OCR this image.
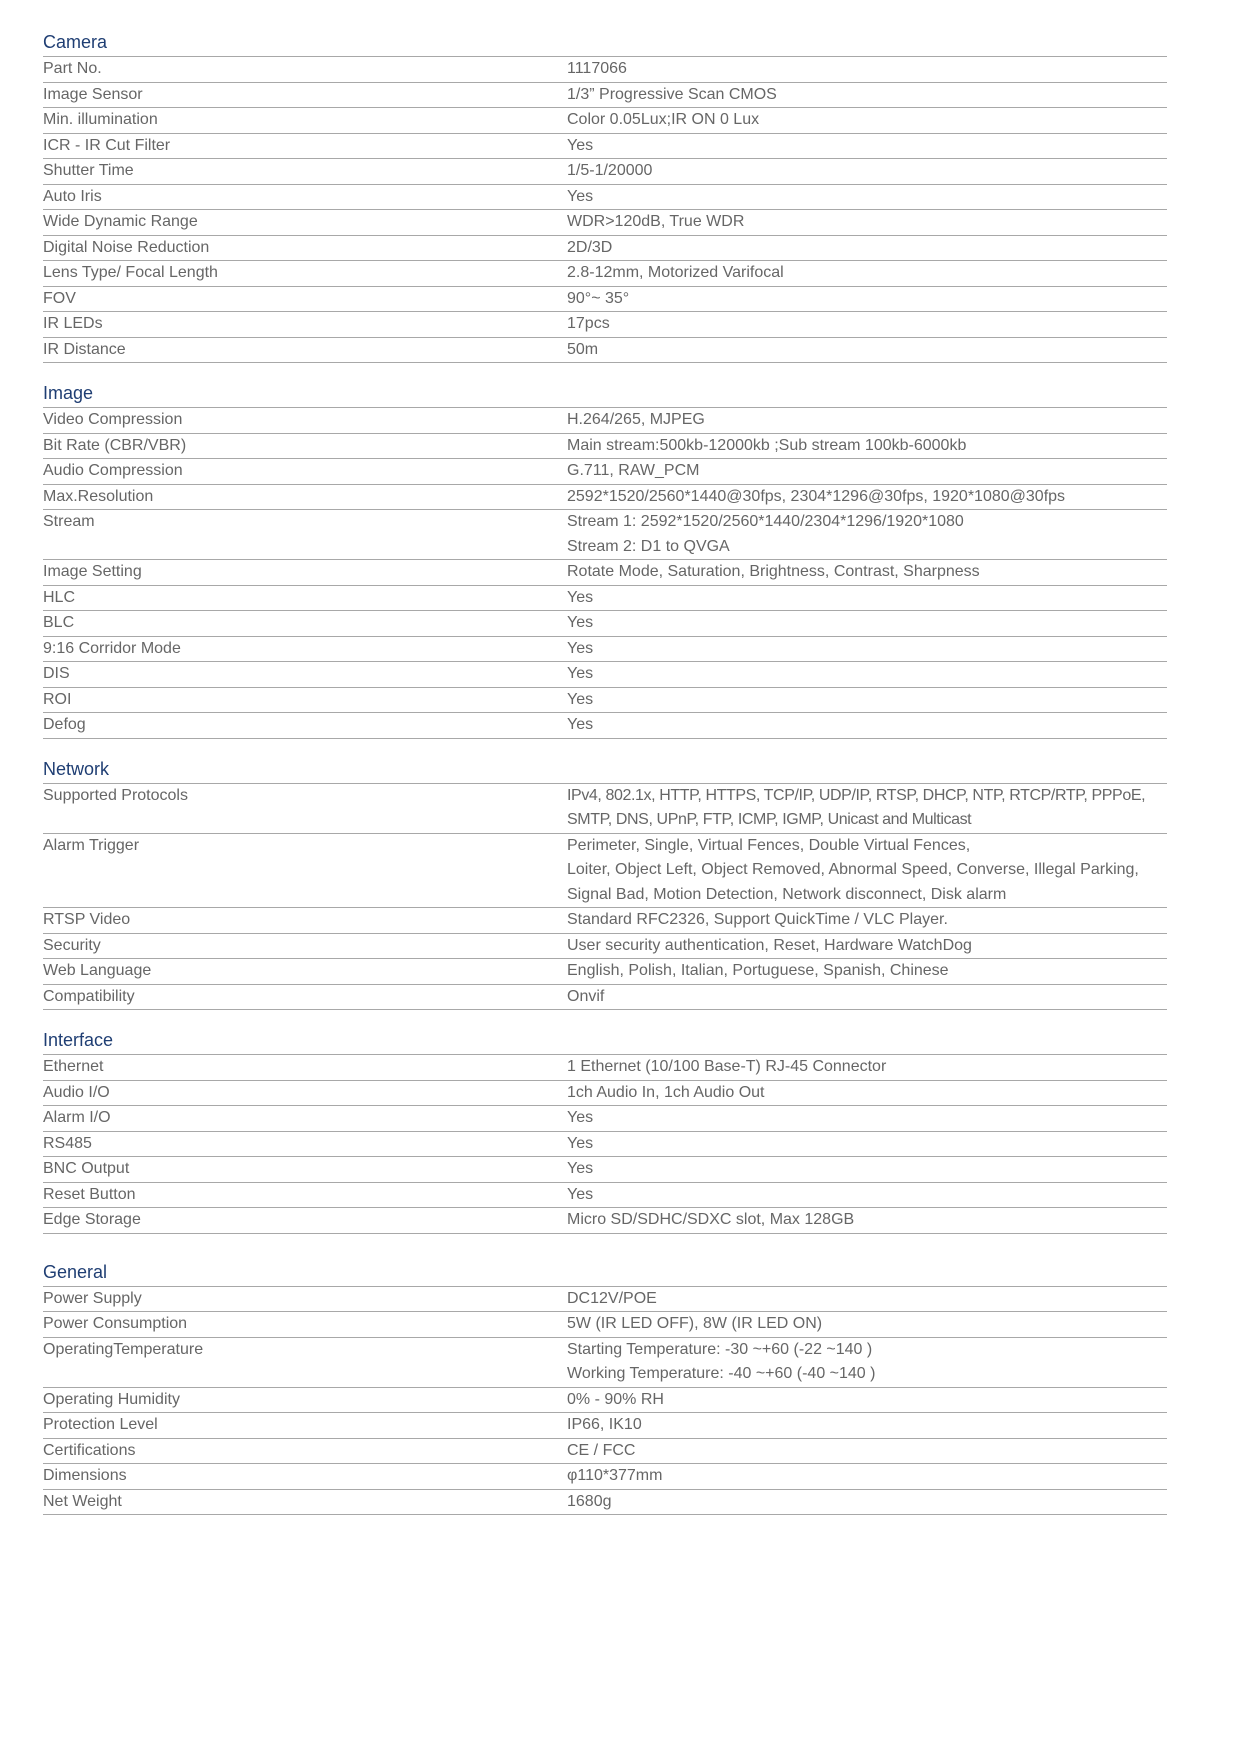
Camera
Part No.	1117066
Image Sensor	1/3” Progressive Scan CMOS
Min. illumination	Color 0.05Lux;IR ON 0 Lux
ICR - IR Cut Filter	Yes
Shutter Time	1/5-1/20000
Auto Iris	Yes
Wide Dynamic Range	WDR>120dB, True WDR
Digital Noise Reduction	2D/3D
Lens Type/ Focal Length	2.8-12mm, Motorized Varifocal
FOV	90°~ 35°
IR LEDs	17pcs
IR Distance	50m
Image
Video Compression	H.264/265, MJPEG
Bit Rate (CBR/VBR)	Main stream:500kb-12000kb ;Sub stream 100kb-6000kb
Audio Compression	G.711, RAW_PCM
Max.Resolution	2592*1520/2560*1440@30fps, 2304*1296@30fps, 1920*1080@30fps
Stream	Stream 1: 2592*1520/2560*1440/2304*1296/1920*1080
Stream 2: D1 to QVGA
Image Setting	Rotate Mode, Saturation, Brightness, Contrast, Sharpness
HLC	Yes
BLC	Yes
9:16 Corridor Mode	Yes
DIS	Yes
ROI	Yes
Defog	Yes
Network
Supported Protocols	IPv4, 802.1x, HTTP, HTTPS, TCP/IP, UDP/IP, RTSP, DHCP, NTP, RTCP/RTP, PPPoE,
SMTP, DNS, UPnP, FTP, ICMP, IGMP, Unicast and Multicast
Alarm Trigger	Perimeter, Single, Virtual Fences, Double Virtual Fences,
Loiter, Object Left, Object Removed, Abnormal Speed, Converse, Illegal Parking,
Signal Bad, Motion Detection, Network disconnect, Disk alarm
RTSP Video	Standard RFC2326, Support QuickTime / VLC Player.
Security	User security authentication, Reset, Hardware WatchDog
Web Language	English, Polish, Italian, Portuguese, Spanish, Chinese
Compatibility	Onvif
Interface
Ethernet	1 Ethernet (10/100 Base-T) RJ-45 Connector
Audio I/O	1ch Audio In, 1ch Audio Out
Alarm I/O	Yes
RS485	Yes
BNC Output	Yes
Reset Button	Yes
Edge Storage	Micro SD/SDHC/SDXC slot, Max 128GB
General
Power Supply	DC12V/POE
Power Consumption	5W (IR LED OFF), 8W (IR LED ON)
OperatingTemperature	Starting Temperature: -30 ~+60 (-22 ~140 )
Working Temperature: -40 ~+60 (-40 ~140 )
Operating Humidity	0% - 90% RH
Protection Level	IP66, IK10
Certifications	CE / FCC
Dimensions	φ110*377mm
Net Weight	1680g
